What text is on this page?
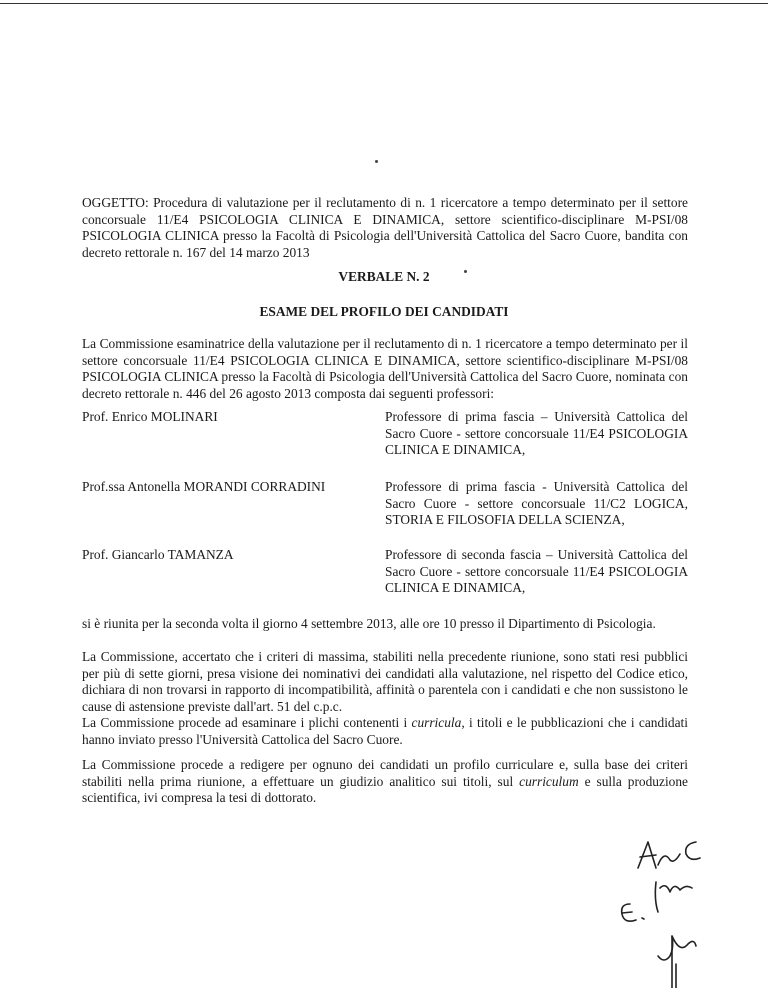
OGGETTO: Procedura di valutazione per il reclutamento di n. 1 ricercatore a tempo determinato per il settore concorsuale 11/E4 PSICOLOGIA CLINICA E DINAMICA, settore scientifico-disciplinare M-PSI/08 PSICOLOGIA CLINICA presso la Facoltà di Psicologia dell'Università Cattolica del Sacro Cuore, bandita con decreto rettorale n. 167 del 14 marzo 2013

VERBALE N. 2

ESAME DEL PROFILO DEI CANDIDATI

La Commissione esaminatrice della valutazione per il reclutamento di n. 1 ricercatore a tempo determinato per il settore concorsuale 11/E4 PSICOLOGIA CLINICA E DINAMICA, settore scientifico-disciplinare M-PSI/08 PSICOLOGIA CLINICA presso la Facoltà di Psicologia dell'Università Cattolica del Sacro Cuore, nominata con decreto rettorale n. 446 del 26 agosto 2013 composta dai seguenti professori:

Prof. Enrico MOLINARI	Professore di prima fascia – Università Cattolica del Sacro Cuore - settore concorsuale 11/E4 PSICOLOGIA CLINICA E DINAMICA,

Prof.ssa Antonella MORANDI CORRADINI	Professore di prima fascia - Università Cattolica del Sacro Cuore - settore concorsuale 11/C2 LOGICA, STORIA E FILOSOFIA DELLA SCIENZA,

Prof. Giancarlo TAMANZA	Professore di seconda fascia – Università Cattolica del Sacro Cuore - settore concorsuale 11/E4 PSICOLOGIA CLINICA E DINAMICA,

si è riunita per la seconda volta il giorno 4 settembre 2013, alle ore 10 presso il Dipartimento di Psicologia.

La Commissione, accertato che i criteri di massima, stabiliti nella precedente riunione, sono stati resi pubblici per più di sette giorni, presa visione dei nominativi dei candidati alla valutazione, nel rispetto del Codice etico, dichiara di non trovarsi in rapporto di incompatibilità, affinità o parentela con i candidati e che non sussistono le cause di astensione previste dall'art. 51 del c.p.c.
La Commissione procede ad esaminare i plichi contenenti i curricula, i titoli e le pubblicazioni che i candidati hanno inviato presso l'Università Cattolica del Sacro Cuore.

La Commissione procede a redigere per ognuno dei candidati un profilo curriculare e, sulla base dei criteri stabiliti nella prima riunione, a effettuare un giudizio analitico sui titoli, sul curriculum e sulla produzione scientifica, ivi compresa la tesi di dottorato.
